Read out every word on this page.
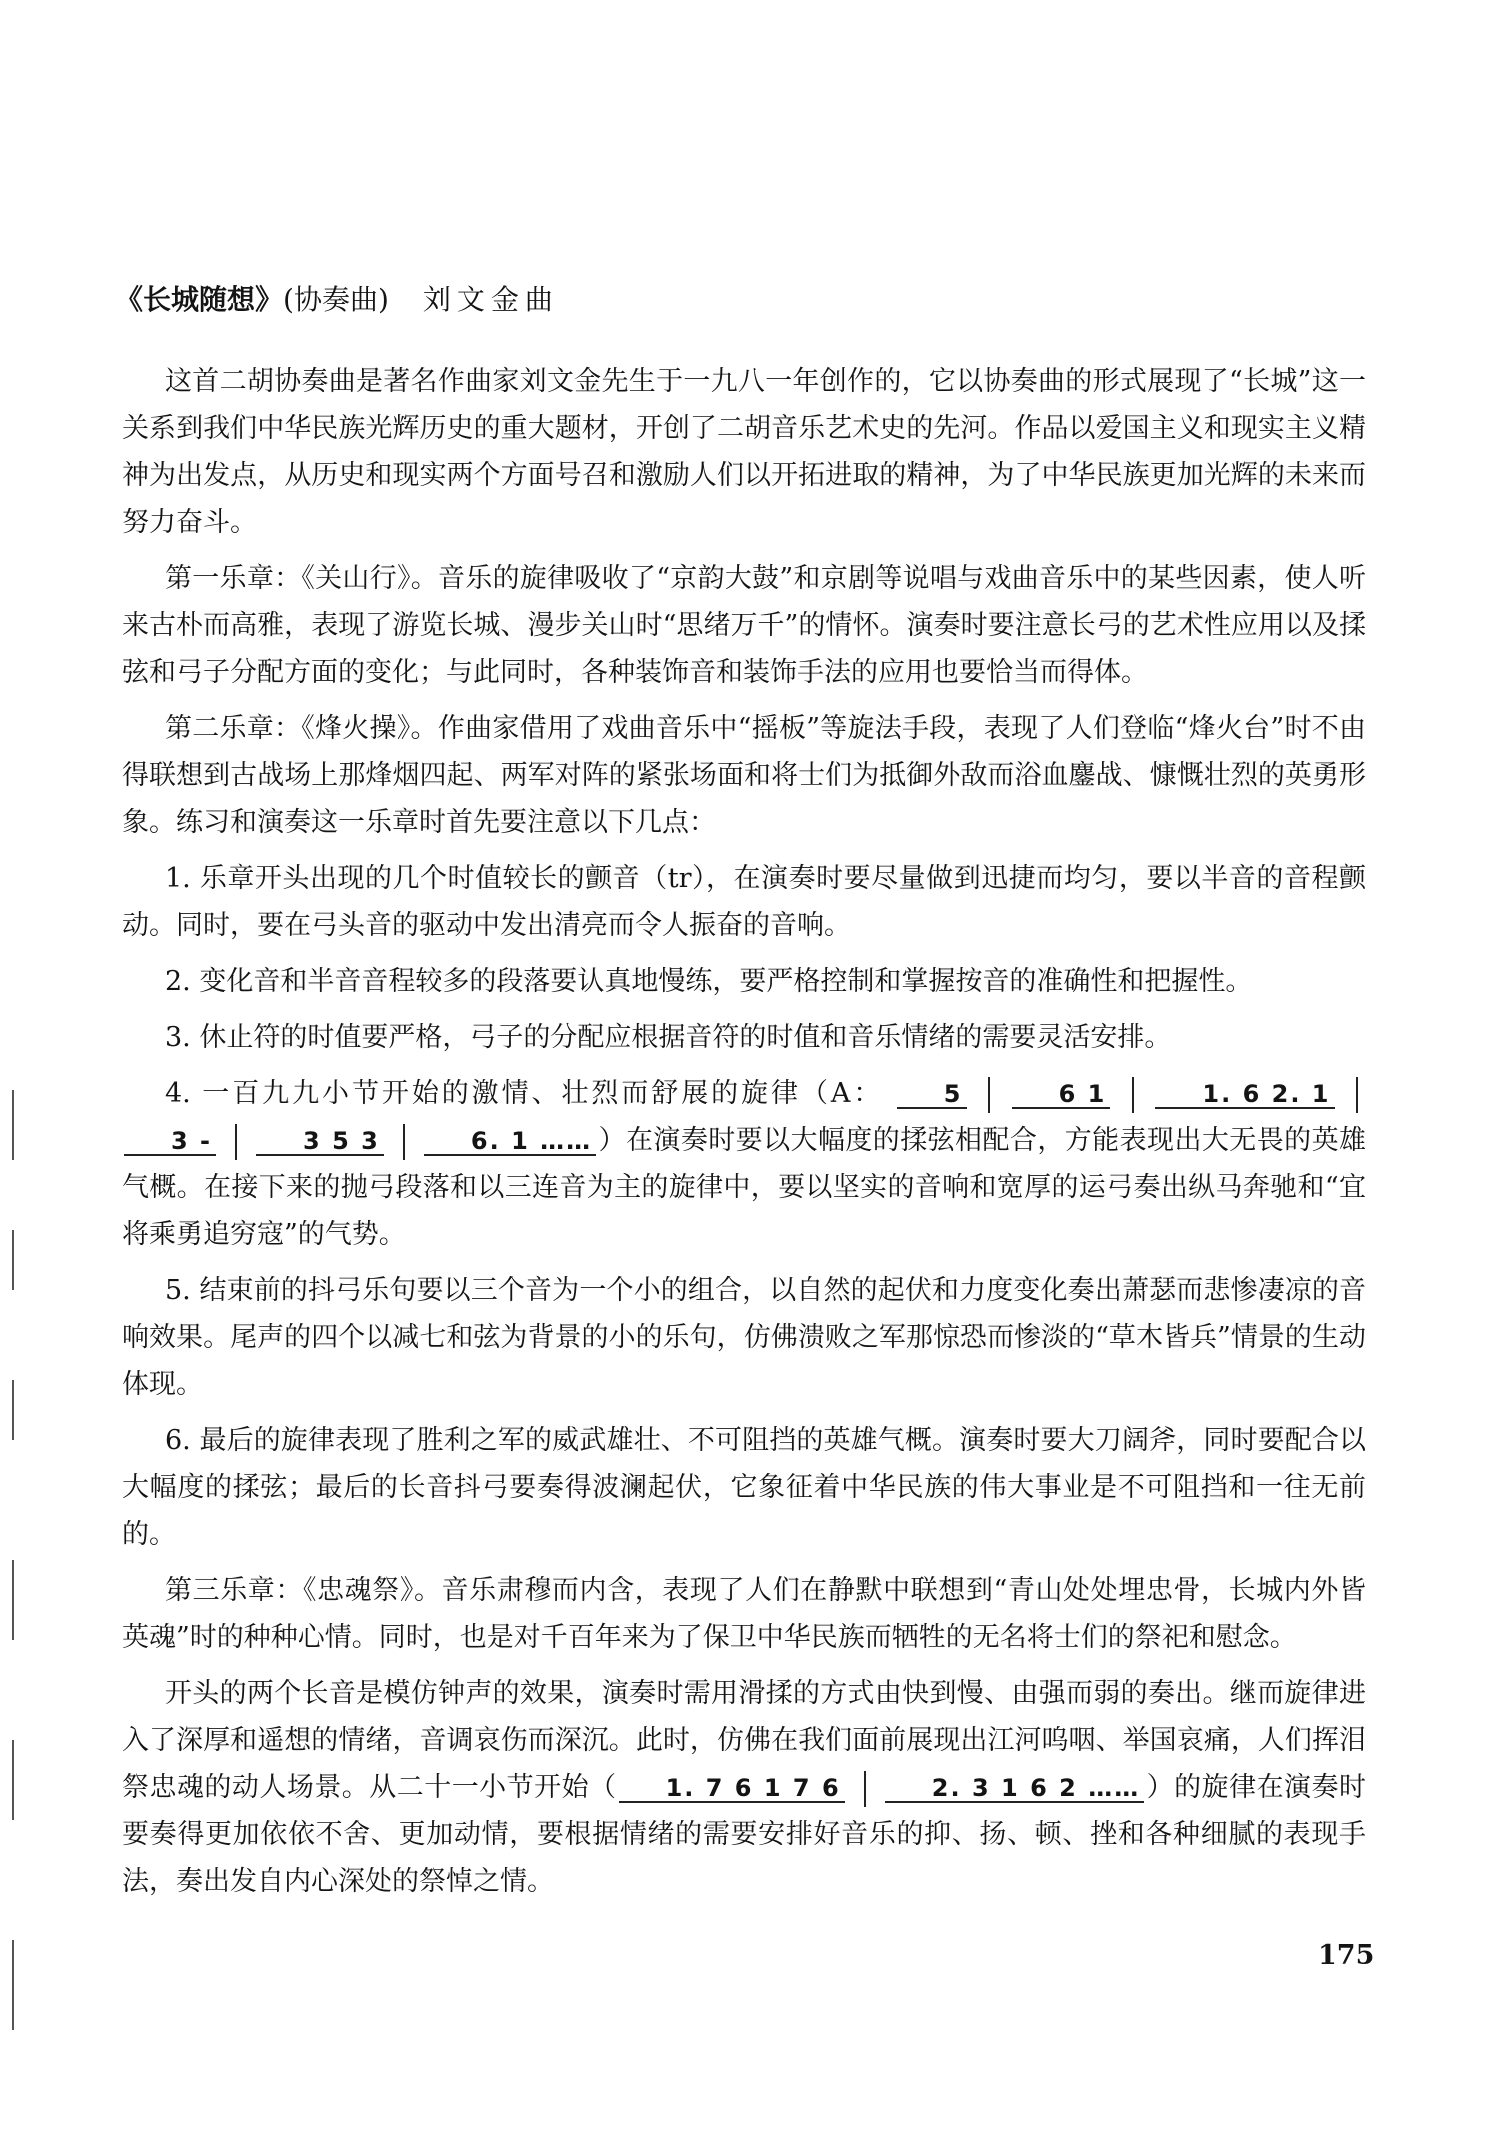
《长城随想》(协奏曲) 刘文金曲

这首二胡协奏曲是著名作曲家刘文金先生于一九八一年创作的，它以协奏曲的形式展现了“长城”这一关系到我们中华民族光辉历史的重大题材，开创了二胡音乐艺术史的先河。作品以爱国主义和现实主义精神为出发点，从历史和现实两个方面号召和激励人们以开拓进取的精神，为了中华民族更加光辉的未来而努力奋斗。

第一乐章：《关山行》。音乐的旋律吸收了“京韵大鼓”和京剧等说唱与戏曲音乐中的某些因素，使人听来古朴而高雅，表现了游览长城、漫步关山时“思绪万千”的情怀。演奏时要注意长弓的艺术性应用以及揉弦和弓子分配方面的变化；与此同时，各种装饰音和装饰手法的应用也要恰当而得体。

第二乐章：《烽火操》。作曲家借用了戏曲音乐中“摇板”等旋法手段，表现了人们登临“烽火台”时不由得联想到古战场上那烽烟四起、两军对阵的紧张场面和将士们为抵御外敌而浴血鏖战、慷慨壮烈的英勇形象。练习和演奏这一乐章时首先要注意以下几点：

1. 乐章开头出现的几个时值较长的颤音（tr），在演奏时要尽量做到迅捷而均匀，要以半音的音程颤动。同时，要在弓头音的驱动中发出清亮而令人振奋的音响。

2. 变化音和半音音程较多的段落要认真地慢练，要严格控制和掌握按音的准确性和把握性。

3. 休止符的时值要严格，弓子的分配应根据音符的时值和音乐情绪的需要灵活安排。

4. 一百九九小节开始的激情、壮烈而舒展的旋律（A：	5	6 1	1. 6 2. 1  3 -	3 5 3	6. 1 …… ）在演奏时要以大幅度的揉弦相配合，方能表现出大无畏的英雄气概。在接下来的抛弓段落和以三连音为主的旋律中，要以坚实的音响和宽厚的运弓奏出纵马奔驰和“宜将乘勇追穷寇”的气势。

5. 结束前的抖弓乐句要以三个音为一个小的组合，以自然的起伏和力度变化奏出萧瑟而悲惨凄凉的音响效果。尾声的四个以减七和弦为背景的小的乐句，仿佛溃败之军那惊恐而惨淡的“草木皆兵”情景的生动体现。

6. 最后的旋律表现了胜利之军的威武雄壮、不可阻挡的英雄气概。演奏时要大刀阔斧，同时要配合以大幅度的揉弦；最后的长音抖弓要奏得波澜起伏，它象征着中华民族的伟大事业是不可阻挡和一往无前的。

第三乐章：《忠魂祭》。音乐肃穆而内含，表现了人们在静默中联想到“青山处处埋忠骨，长城内外皆英魂”时的种种心情。同时，也是对千百年来为了保卫中华民族而牺牲的无名将士们的祭祀和慰念。

开头的两个长音是模仿钟声的效果，演奏时需用滑揉的方式由快到慢、由强而弱的奏出。继而旋律进入了深厚和遥想的情绪，音调哀伤而深沉。此时，仿佛在我们面前展现出江河呜咽、举国哀痛，人们挥泪祭忠魂的动人场景。从二十一小节开始（ 1. 7 6 1 7 6	2. 3 1 6 2 …… ）的旋律在演奏时要奏得更加依依不舍、更加动情，要根据情绪的需要安排好音乐的抑、扬、顿、挫和各种细腻的表现手法，奏出发自内心深处的祭悼之情。

175
